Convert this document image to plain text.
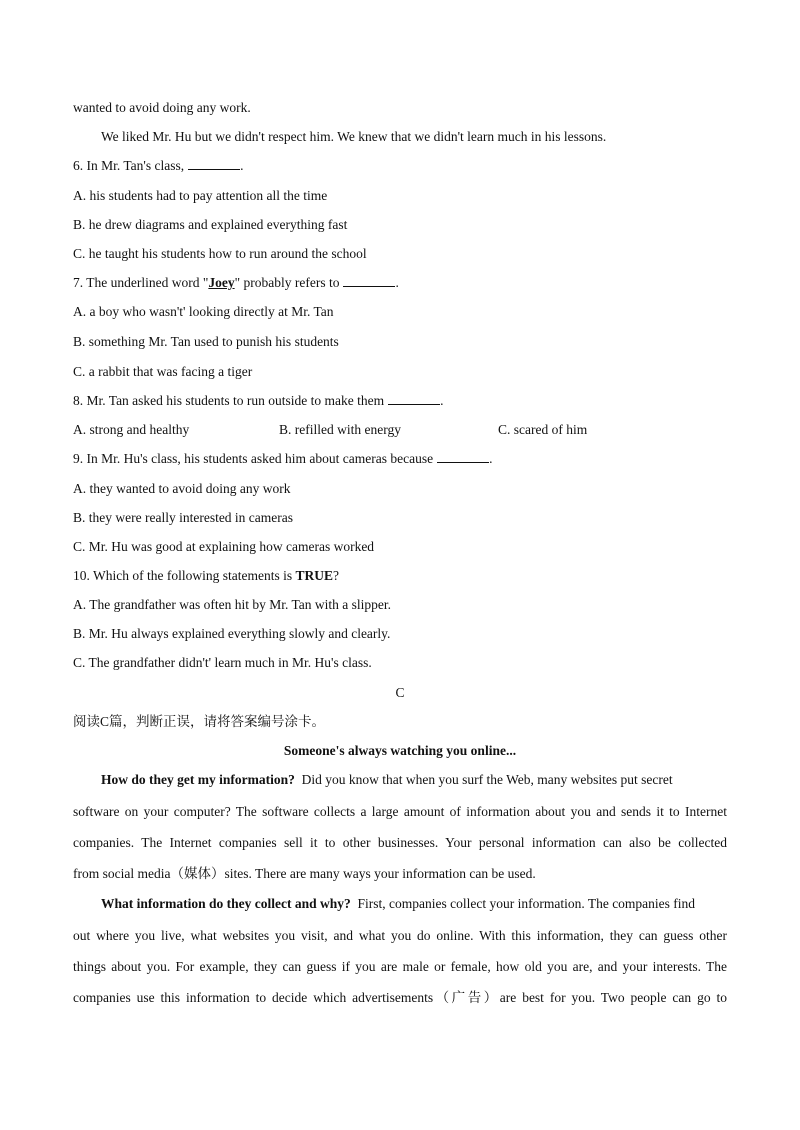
wanted to avoid doing any work.
We liked Mr. Hu but we didn't respect him. We knew that we didn't learn much in his lessons.
6. In Mr. Tan's class,	.
A. his students had to pay attention all the time
B. he drew diagrams and explained everything fast
C. he taught his students how to run around the school
7. The underlined word "Joey" probably refers to	.
A. a boy who wasn't' looking directly at Mr. Tan
B. something Mr. Tan used to punish his students
C. a rabbit that was facing a tiger
8. Mr. Tan asked his students to run outside to make them	.
A. strong and healthy	B. refilled with energy	C. scared of him
9. In Mr. Hu's class, his students asked him about cameras because	.
A. they wanted to avoid doing any work
B. they were really interested in cameras
C. Mr. Hu was good at explaining how cameras worked
10. Which of the following statements is TRUE?
A. The grandfather was often hit by Mr. Tan with a slipper.
B. Mr. Hu always explained everything slowly and clearly.
C. The grandfather didn't' learn much in Mr. Hu's class.
C
阅读C篇，判断正误，请将答案编号涂卡。
Someone's always watching you online...
How do they get my information? Did you know that when you surf the Web, many websites put secret
software on your computer? The software collects a large amount of information about you and sends it to Internet
companies. The Internet companies sell it to other businesses. Your personal information can also be collected
from social media（媒体）sites. There are many ways your information can be used.
What information do they collect and why? First, companies collect your information. The companies find
out where you live, what websites you visit, and what you do online. With this information, they can guess other
things about you. For example, they can guess if you are male or female, how old you are, and your interests. The
companies use this information to decide which advertisements（广告）are best for you. Two people can go to
